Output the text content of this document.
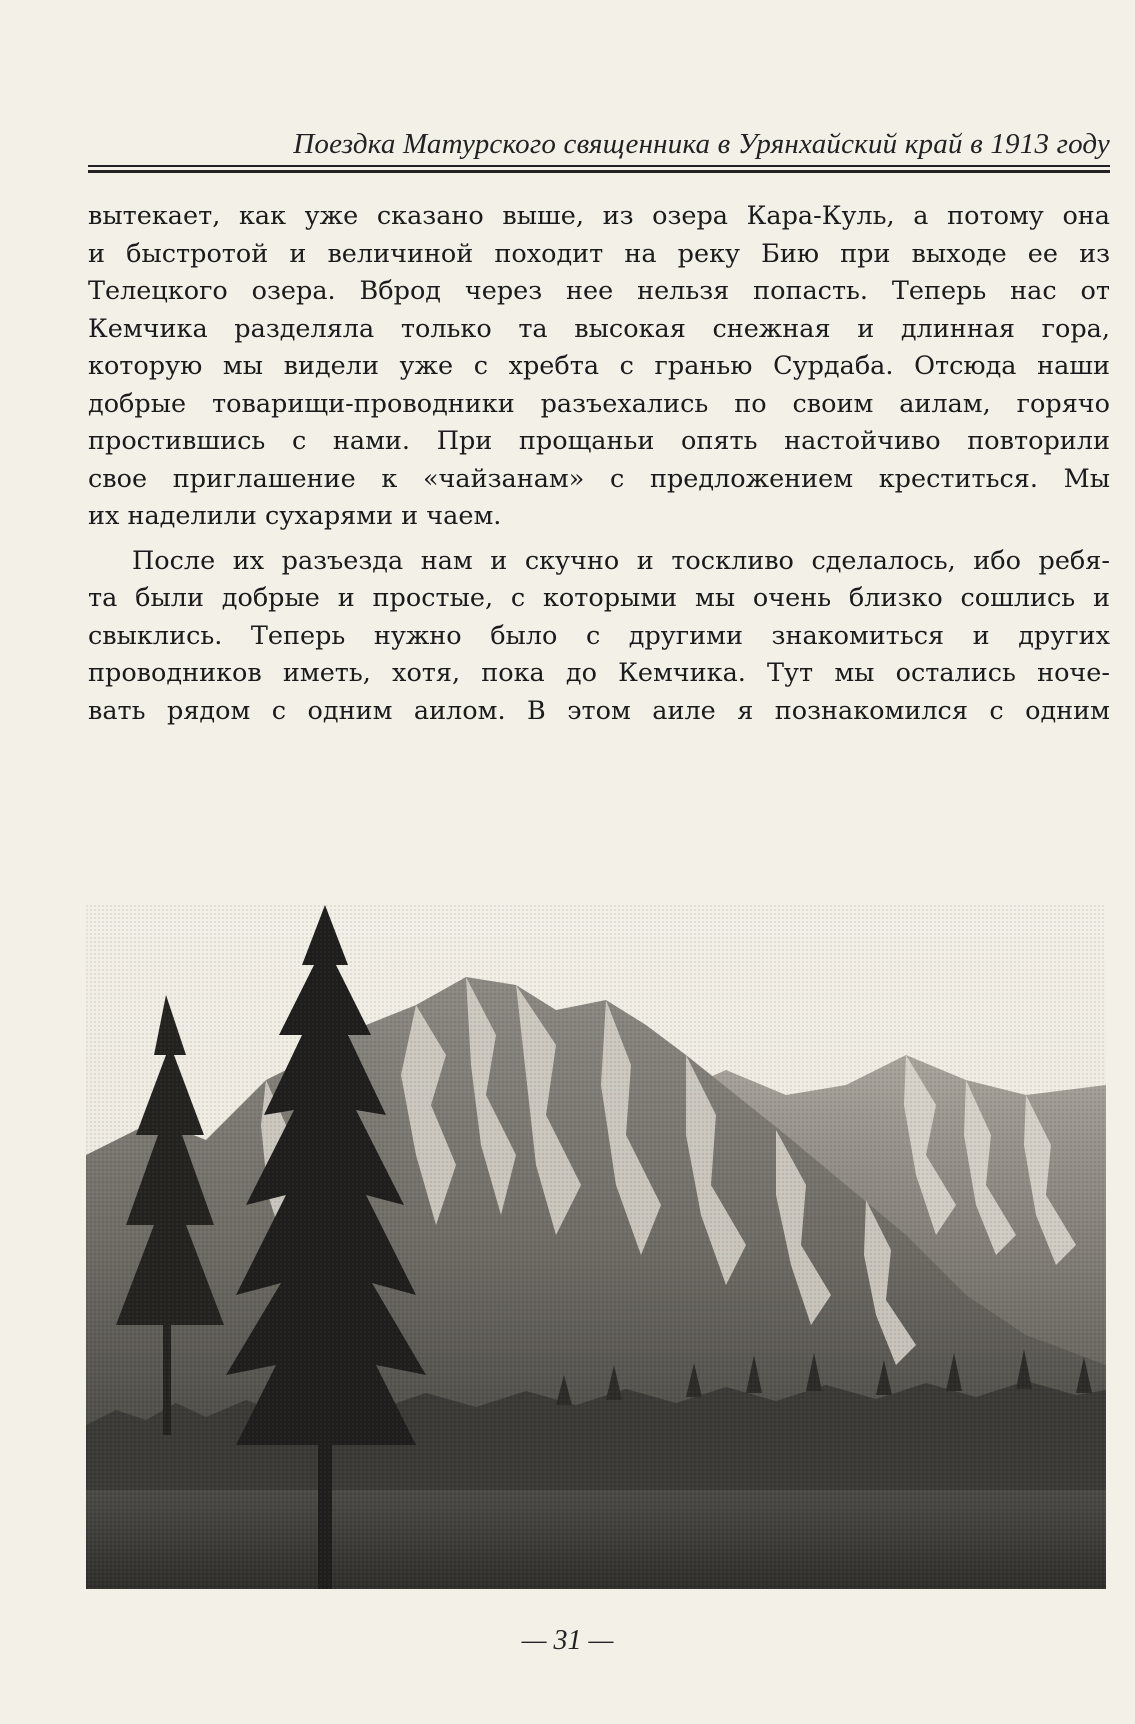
Поездка Матурского священника в Урянхайский край в 1913 году

вытекает, как уже сказано выше, из озера Кара-Куль, а потому она
и быстротой и величиной походит на реку Бию при выходе ее из
Телецкого озера. Вброд через нее нельзя попасть. Теперь нас от
Кемчика разделяла только та высокая снежная и длинная гора,
которую мы видели уже с хребта с гранью Сурдаба. Отсюда наши
добрые товарищи-проводники разъехались по своим аилам, горячо
простившись с нами. При прощаньи опять настойчиво повторили
свое приглашение к «чайзанам» с предложением креститься. Мы
их наделили сухарями и чаем.

После их разъезда нам и скучно и тоскливо сделалось, ибо ребя-
та были добрые и простые, с которыми мы очень близко сошлись и
свыклись. Теперь нужно было с другими знакомиться и других
проводников иметь, хотя, пока до Кемчика. Тут мы остались ноче-
вать рядом с одним аилом. В этом аиле я познакомился с одним

— 31 —
